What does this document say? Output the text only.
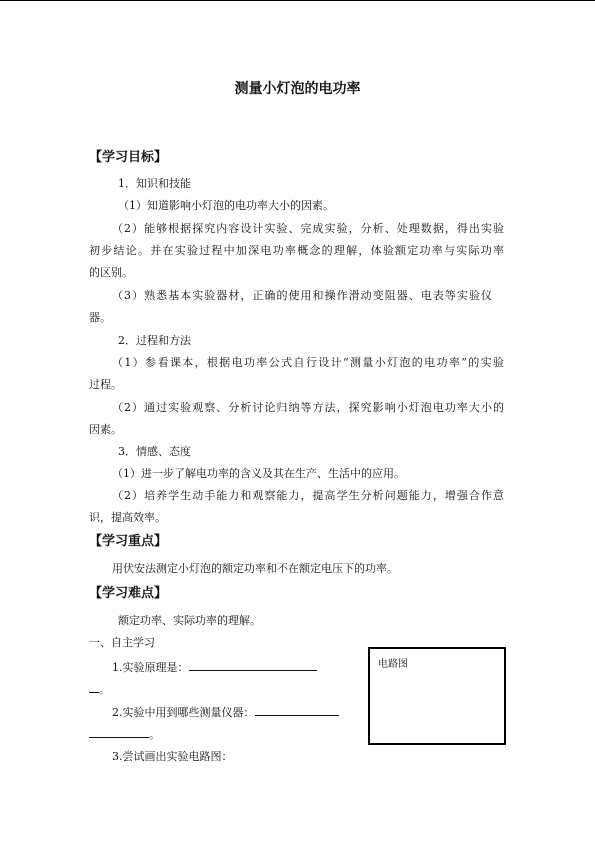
测量小灯泡的电功率
【学习目标】
1．知识和技能
（1）知道影响小灯泡的电功率大小的因素。
（2）能够根据探究内容设计实验、完成实验，分析、处理数据，得出实验
初步结论。并在实验过程中加深电功率概念的理解，体验额定功率与实际功率
的区别。
（3）熟悉基本实验器材，正确的使用和操作滑动变阻器、电表等实验仪
器。
2．过程和方法
（1）参看课本，根据电功率公式自行设计“测量小灯泡的电功率”的实验
过程。
（2）通过实验观察、分析讨论归纳等方法，探究影响小灯泡电功率大小的
因素。
3．情感、态度
（1）进一步了解电功率的含义及其在生产、生活中的应用。
（2）培养学生动手能力和观察能力，提高学生分析问题能力，增强合作意
识，提高效率。
【学习重点】
用伏安法测定小灯泡的额定功率和不在额定电压下的功率。
【学习难点】
额定功率、实际功率的理解。
一、自主学习
1.实验原理是：
。
2.实验中用到哪些测量仪器：
。
3.尝试画出实验电路图：
电路图
